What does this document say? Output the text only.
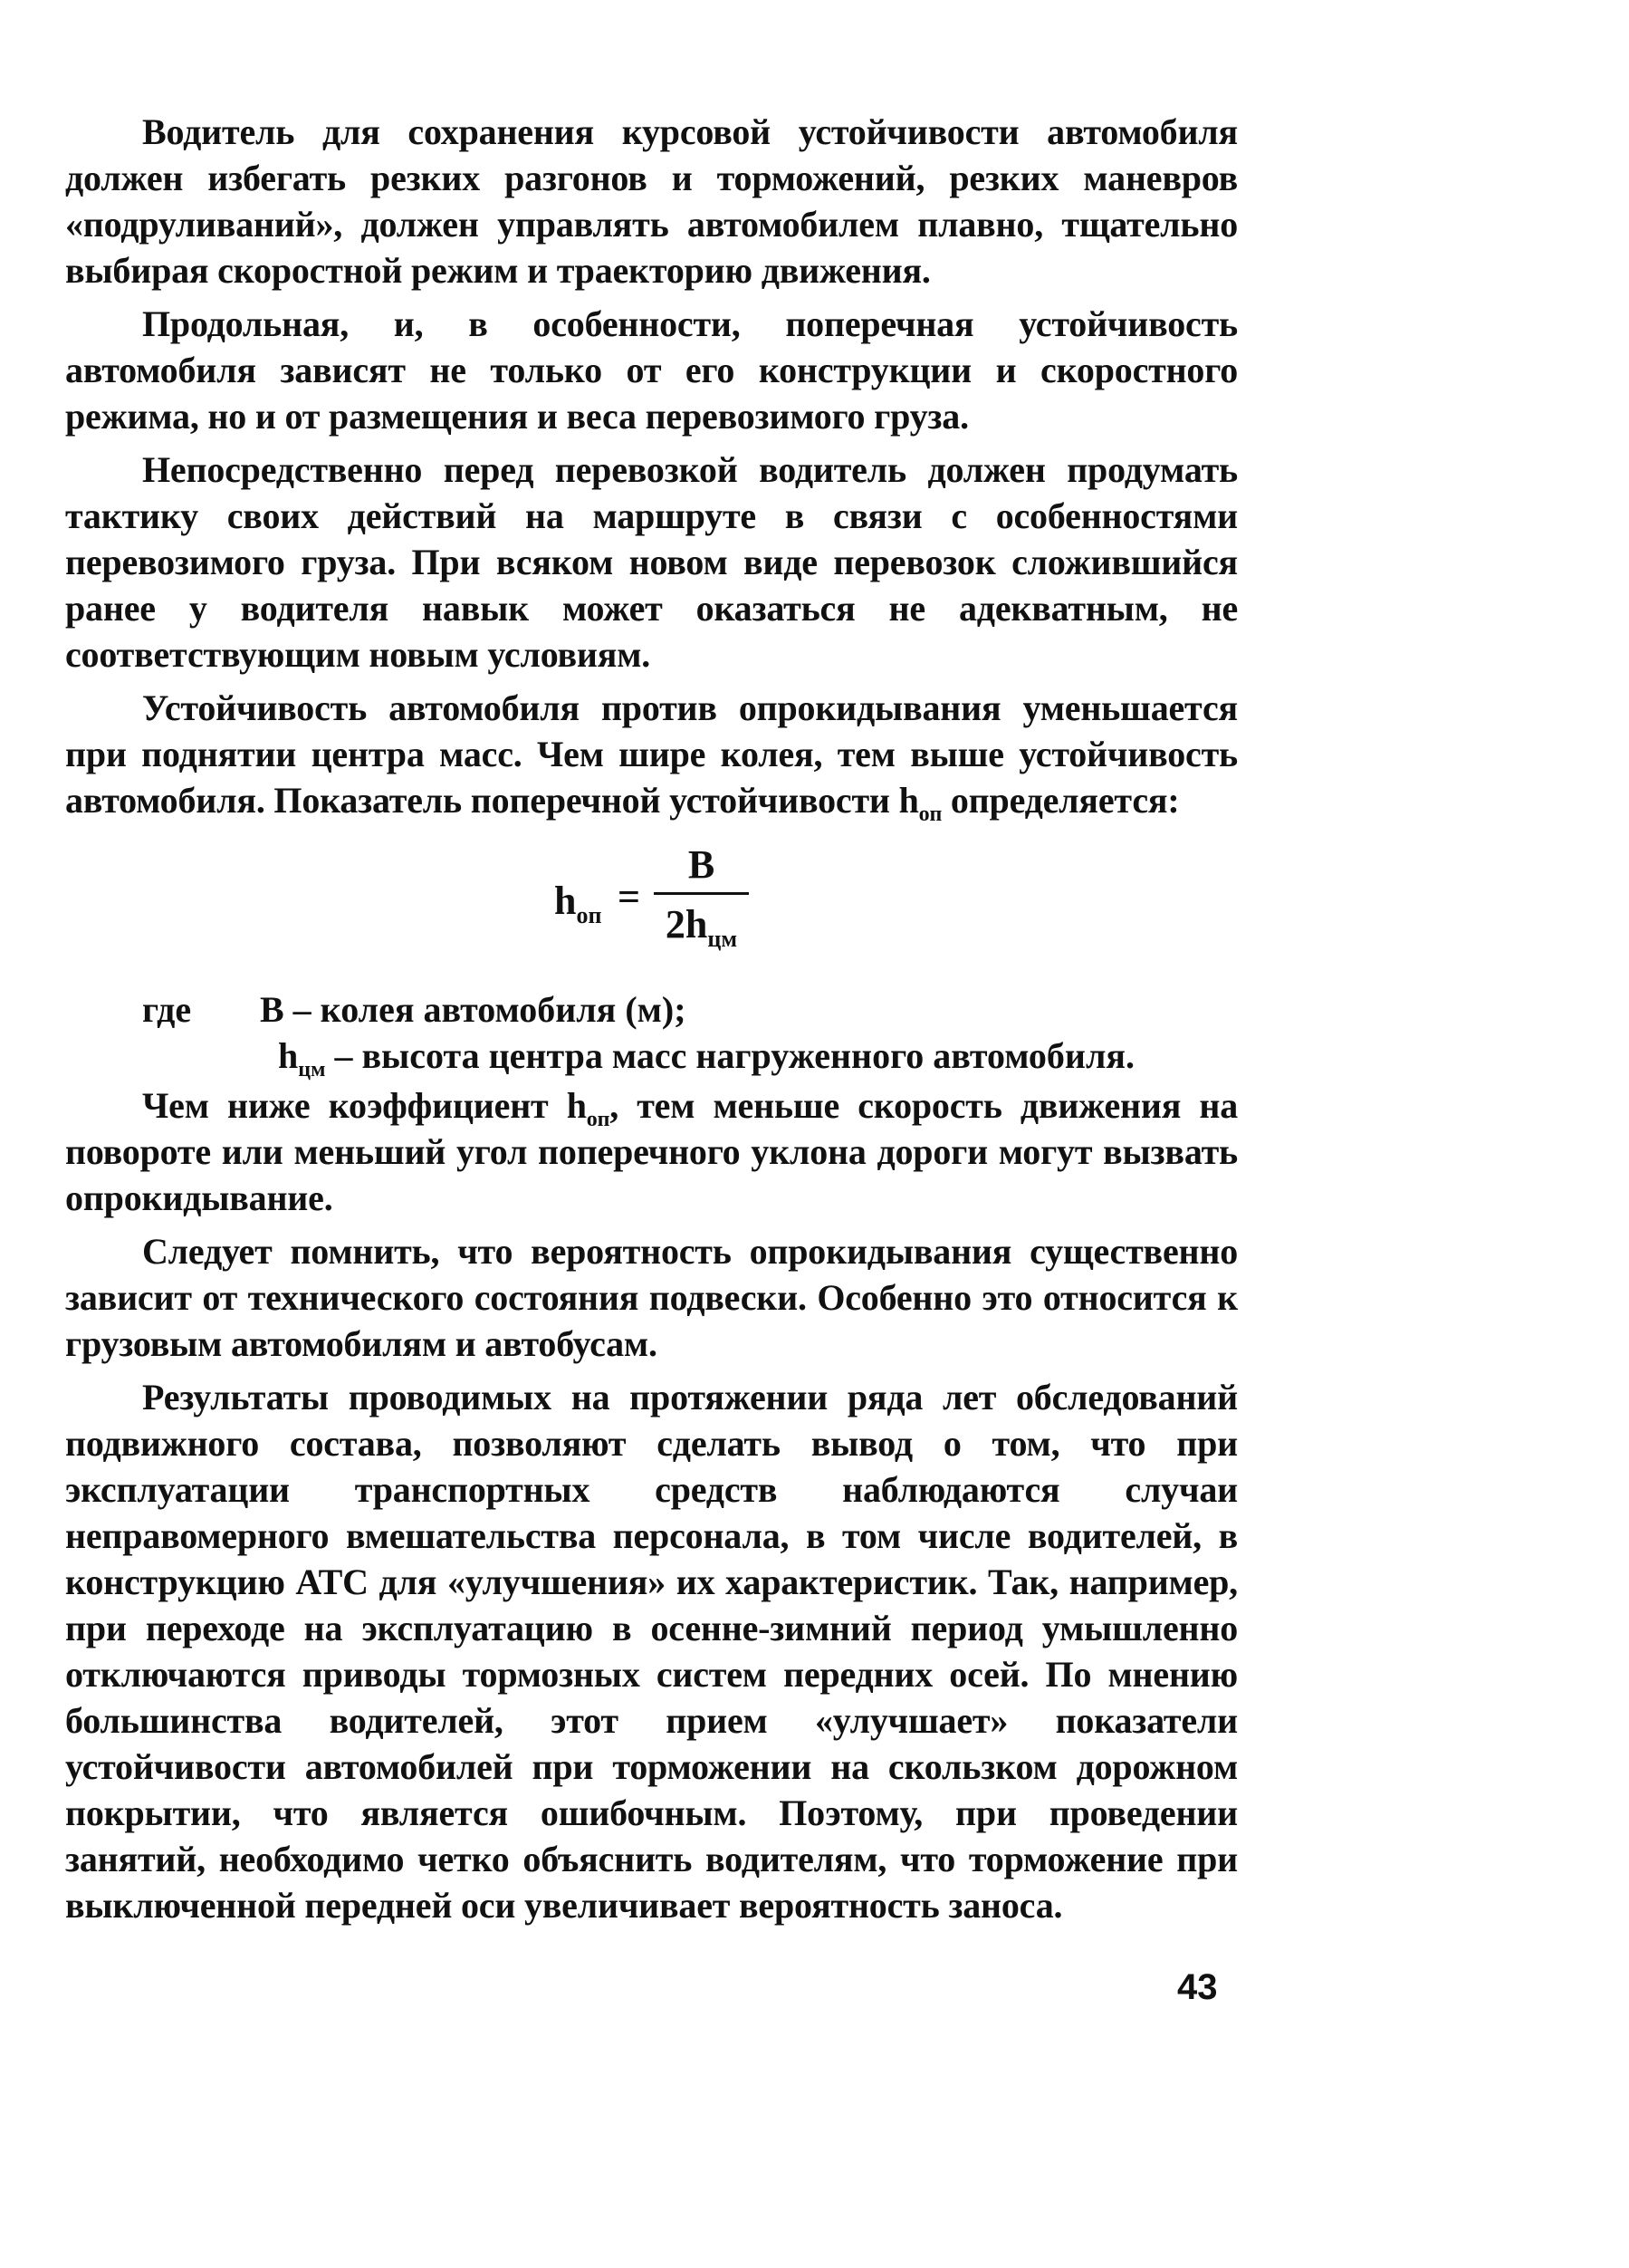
Водитель для сохранения курсовой устойчивости автомобиля должен избегать резких разгонов и торможений, резких маневров «подруливаний», должен управлять автомобилем плавно, тщательно выбирая скоростной режим и траекторию движения.

Продольная, и, в особенности, поперечная устойчивость автомобиля зависят не только от его конструкции и скоростного режима, но и от размещения и веса перевозимого груза.

Непосредственно перед перевозкой водитель должен продумать тактику своих действий на маршруте в связи с особенностями перевозимого груза. При всяком новом виде перевозок сложившийся ранее у водителя навык может оказаться не адекватным, не соответствующим новым условиям.

Устойчивость автомобиля против опрокидывания уменьшается при поднятии центра масс. Чем шире колея, тем выше устойчивость автомобиля. Показатель поперечной устойчивости $h_{оп}$ определяется:

$h_{оп}$ =
B
$2h_{цм}$
где B – колея автомобиля (м);
$h_{цм}$ – высота центра масс нагруженного автомобиля.

Чем ниже коэффициент $h_{оп}$, тем меньше скорость движения на повороте или меньший угол поперечного уклона дороги могут вызвать опрокидывание.

Следует помнить, что вероятность опрокидывания существенно зависит от технического состояния подвески. Особенно это относится к грузовым автомобилям и автобусам.

Результаты проводимых на протяжении ряда лет обследований подвижного состава, позволяют сделать вывод о том, что при эксплуатации транспортных средств наблюдаются случаи неправомерного вмешательства персонала, в том числе водителей, в конструкцию АТС для «улучшения» их характеристик. Так, например, при переходе на эксплуатацию в осенне-зимний период умышленно отключаются приводы тормозных систем передних осей. По мнению большинства водителей, этот прием «улучшает» показатели устойчивости автомобилей при торможении на скользком дорожном покрытии, что является ошибочным. Поэтому, при проведении занятий, необходимо четко объяснить водителям, что торможение при выключенной передней оси увеличивает вероятность заноса.

43
